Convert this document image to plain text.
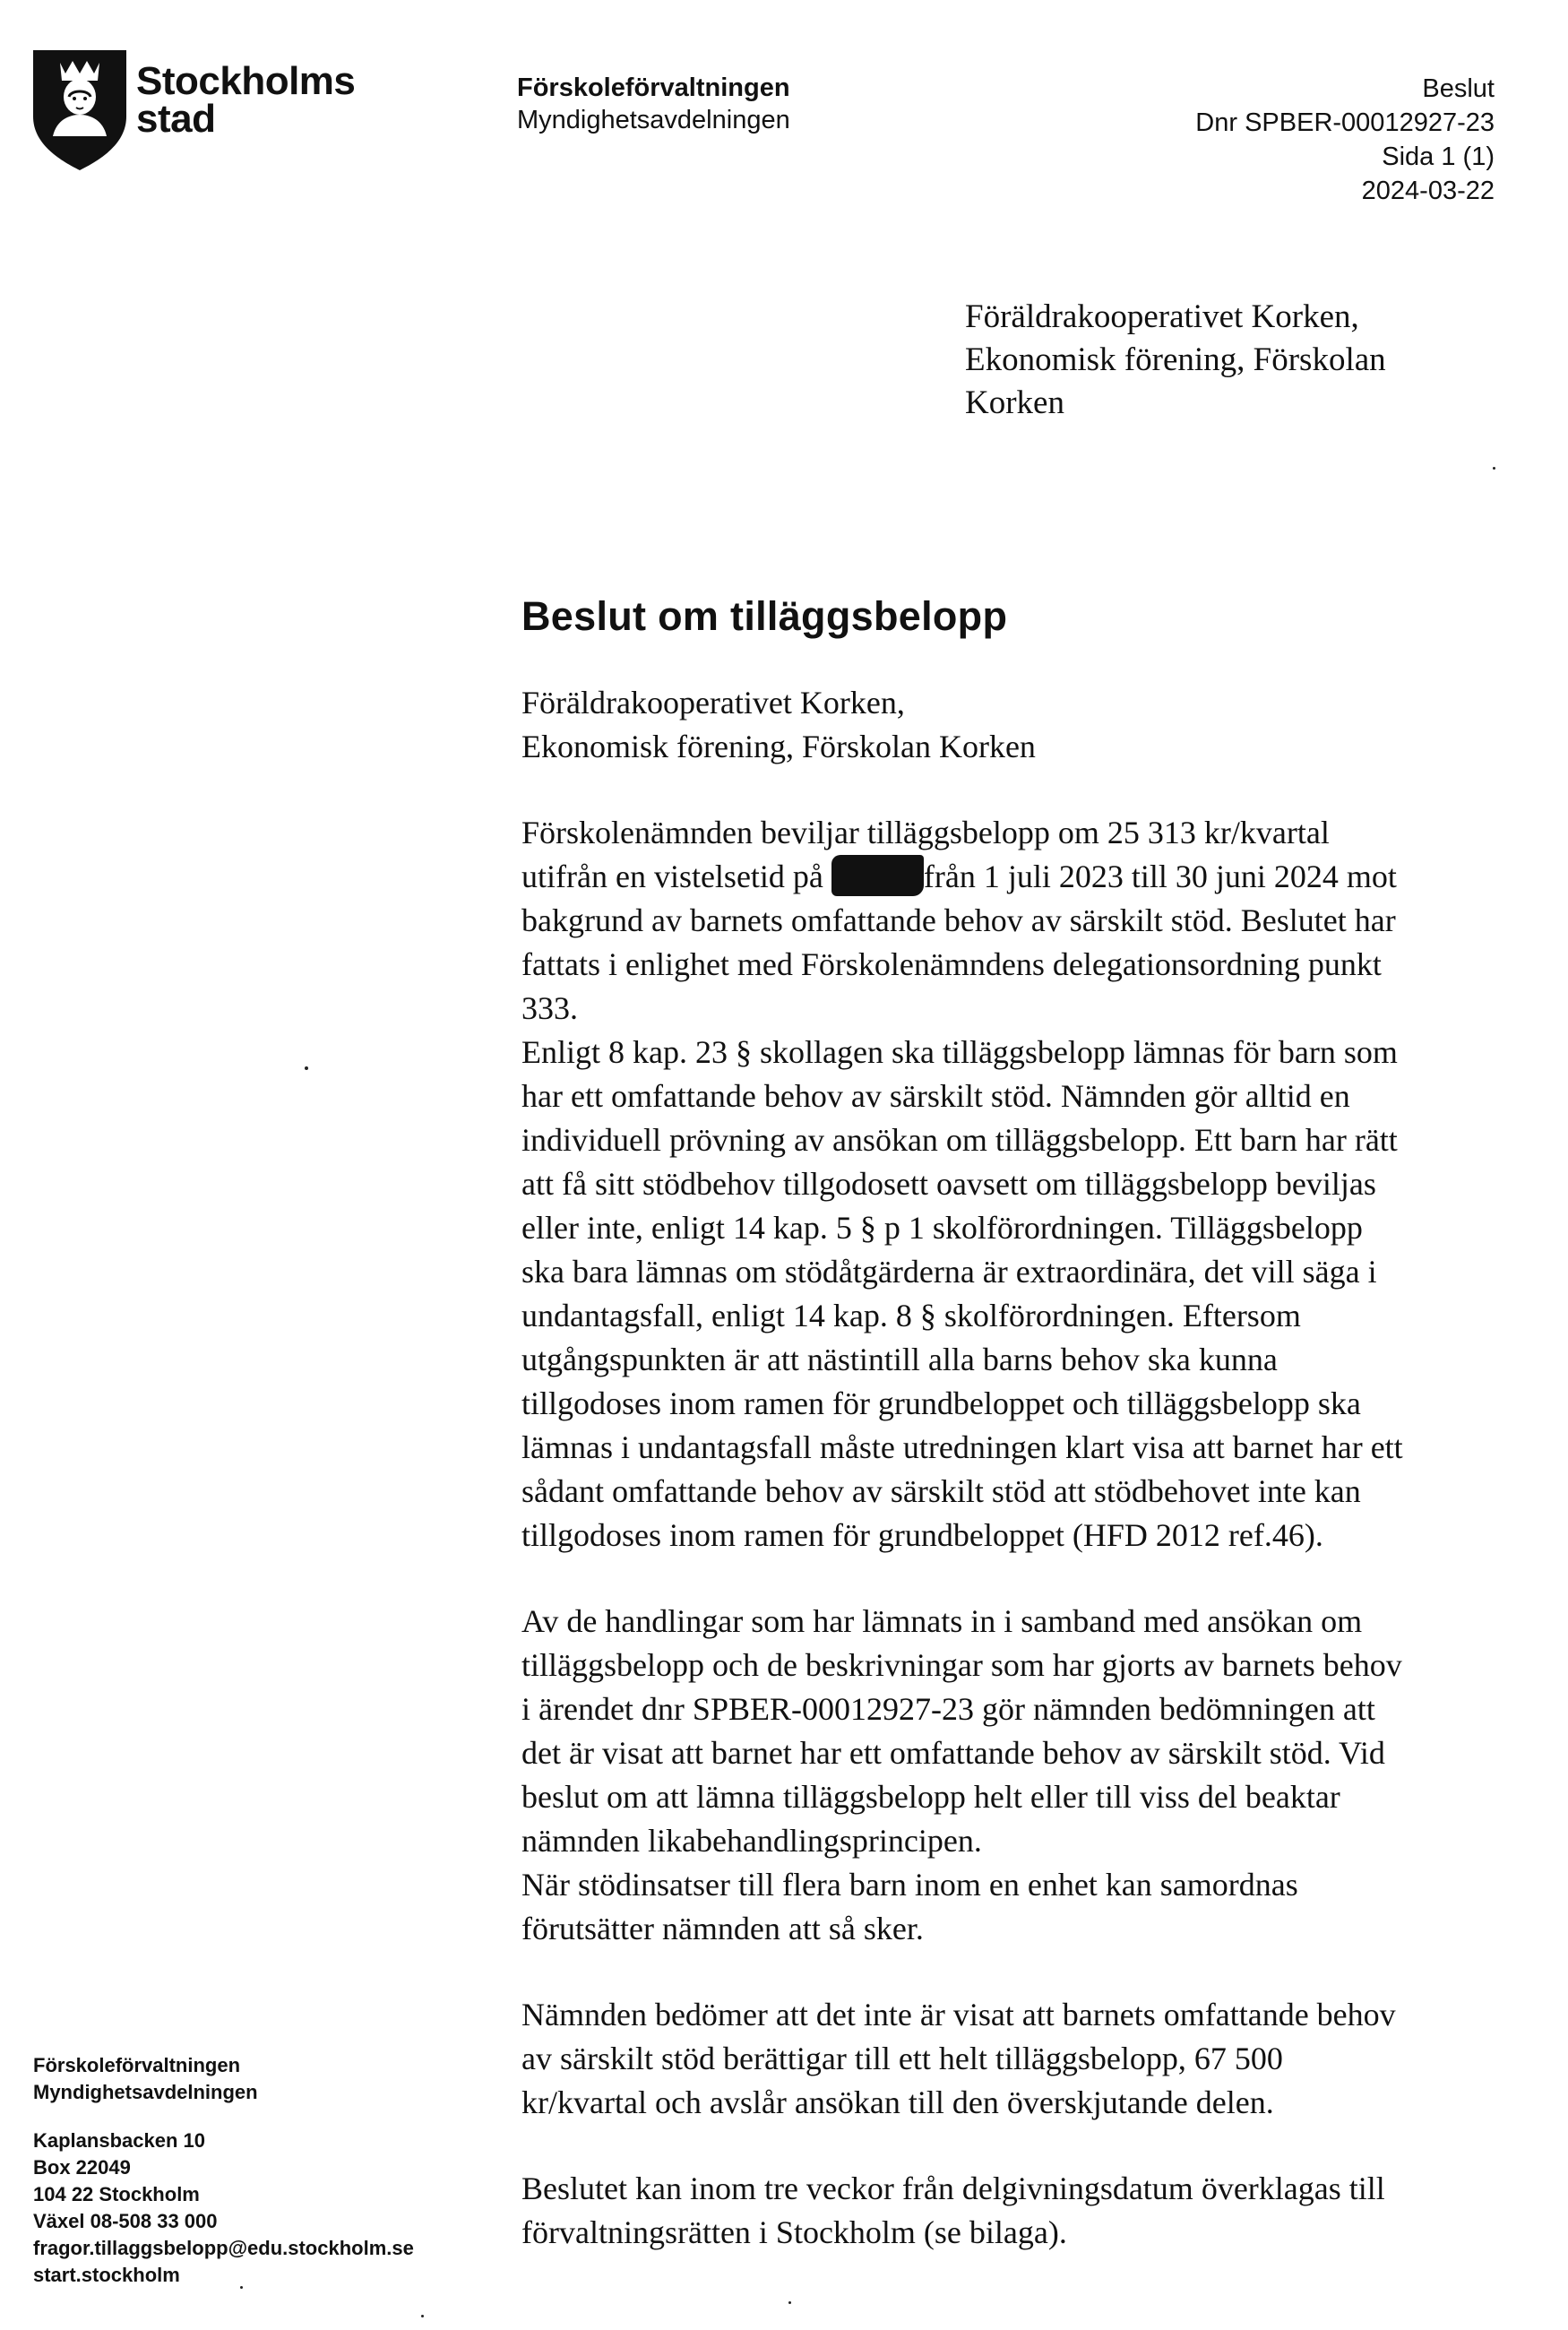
Stockholms
stad
Förskoleförvaltningen
Myndighetsavdelningen
Beslut
Dnr SPBER-00012927-23
Sida 1 (1)
2024-03-22
Föräldrakooperativet Korken,
Ekonomisk förening, Förskolan
Korken
Beslut om tilläggsbelopp
Föräldrakooperativet Korken,
Ekonomisk förening, Förskolan Korken

Förskolenämnden beviljar tilläggsbelopp om 25 313 kr/kvartal
utifrån en vistelsetid på	från 1 juli 2023 till 30 juni 2024 mot
bakgrund av barnets omfattande behov av särskilt stöd. Beslutet har
fattats i enlighet med Förskolenämndens delegationsordning punkt
333.

Enligt 8 kap. 23 § skollagen ska tilläggsbelopp lämnas för barn som
har ett omfattande behov av särskilt stöd. Nämnden gör alltid en
individuell prövning av ansökan om tilläggsbelopp. Ett barn har rätt
att få sitt stödbehov tillgodosett oavsett om tilläggsbelopp beviljas
eller inte, enligt 14 kap. 5 § p 1 skolförordningen. Tilläggsbelopp
ska bara lämnas om stödåtgärderna är extraordinära, det vill säga i
undantagsfall, enligt 14 kap. 8 § skolförordningen. Eftersom
utgångspunkten är att nästintill alla barns behov ska kunna
tillgodoses inom ramen för grundbeloppet och tilläggsbelopp ska
lämnas i undantagsfall måste utredningen klart visa att barnet har ett
sådant omfattande behov av särskilt stöd att stödbehovet inte kan
tillgodoses inom ramen för grundbeloppet (HFD 2012 ref.46).

Av de handlingar som har lämnats in i samband med ansökan om
tilläggsbelopp och de beskrivningar som har gjorts av barnets behov
i ärendet dnr SPBER-00012927-23 gör nämnden bedömningen att
det är visat att barnet har ett omfattande behov av särskilt stöd. Vid
beslut om att lämna tilläggsbelopp helt eller till viss del beaktar
nämnden likabehandlingsprincipen.

När stödinsatser till flera barn inom en enhet kan samordnas
förutsätter nämnden att så sker.

Nämnden bedömer att det inte är visat att barnets omfattande behov
av särskilt stöd berättigar till ett helt tilläggsbelopp, 67 500
kr/kvartal och avslår ansökan till den överskjutande delen.

Beslutet kan inom tre veckor från delgivningsdatum överklagas till
förvaltningsrätten i Stockholm (se bilaga).

Förskoleförvaltningen
Myndighetsavdelningen
Kaplansbacken 10
Box 22049
104 22 Stockholm
Växel 08-508 33 000
fragor.tillaggsbelopp@edu.stockholm.se
start.stockholm
